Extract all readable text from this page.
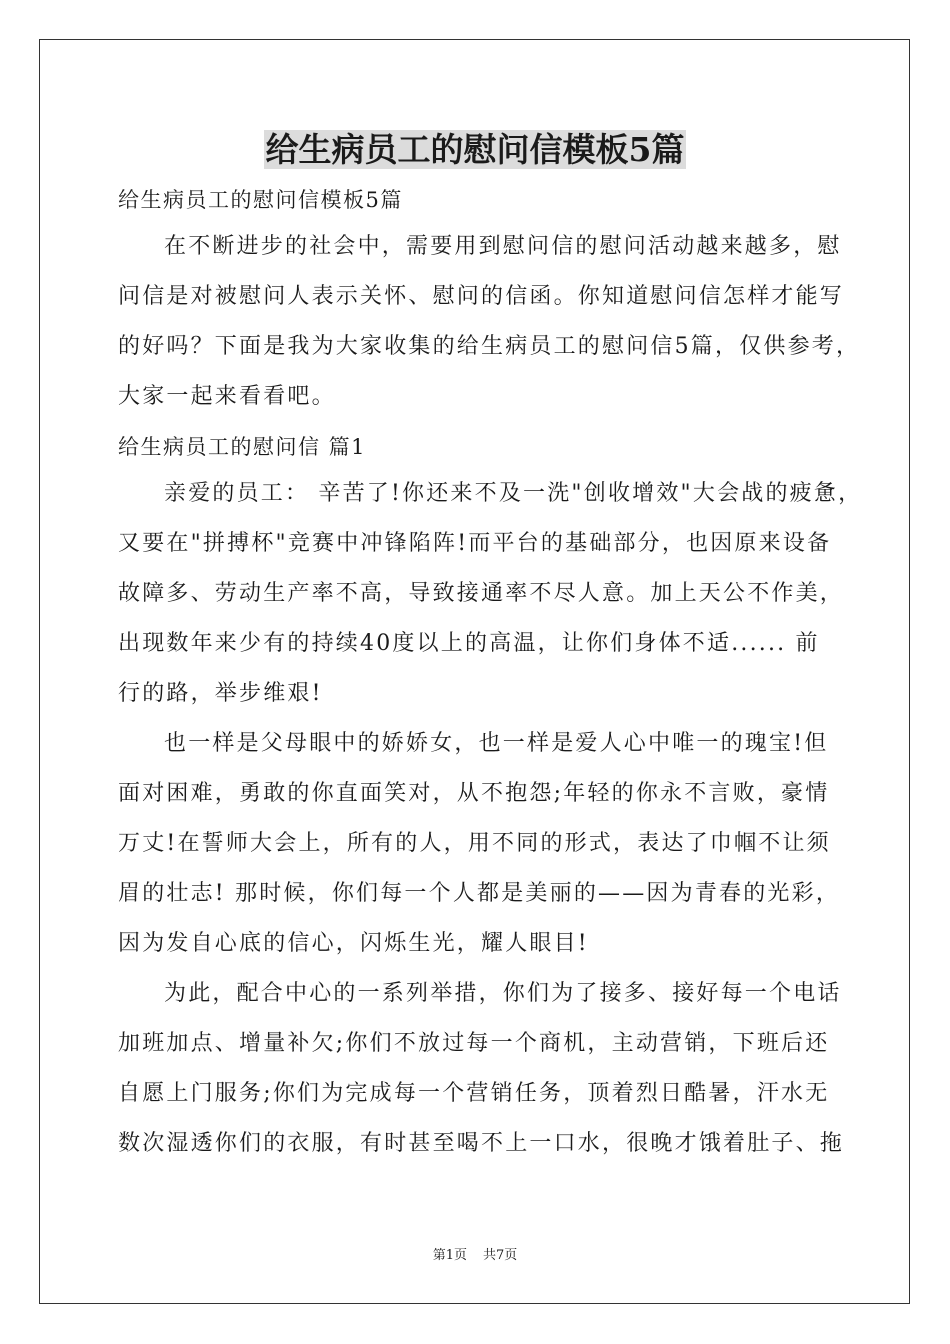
给生病员工的慰问信模板5篇
给生病员工的慰问信模板5篇
在不断进步的社会中，需要用到慰问信的慰问活动越来越多，慰
问信是对被慰问人表示关怀、慰问的信函。你知道慰问信怎样才能写
的好吗？下面是我为大家收集的给生病员工的慰问信5篇，仅供参考，
大家一起来看看吧。
给生病员工的慰问信 篇1
亲爱的员工： 辛苦了!你还来不及一洗"创收增效"大会战的疲惫，
又要在"拼搏杯"竞赛中冲锋陷阵!而平台的基础部分，也因原来设备
故障多、劳动生产率不高，导致接通率不尽人意。加上天公不作美，
出现数年来少有的持续40度以上的高温，让你们身体不适...... 前
行的路，举步维艰!
也一样是父母眼中的娇娇女，也一样是爱人心中唯一的瑰宝!但
面对困难，勇敢的你直面笑对，从不抱怨;年轻的你永不言败，豪情
万丈!在誓师大会上，所有的人，用不同的形式，表达了巾帼不让须
眉的壮志! 那时候，你们每一个人都是美丽的——因为青春的光彩，
因为发自心底的信心，闪烁生光，耀人眼目!
为此，配合中心的一系列举措，你们为了接多、接好每一个电话
加班加点、增量补欠;你们不放过每一个商机，主动营销，下班后还
自愿上门服务;你们为完成每一个营销任务，顶着烈日酷暑，汗水无
数次湿透你们的衣服，有时甚至喝不上一口水，很晚才饿着肚子、拖
第1页 共7页
